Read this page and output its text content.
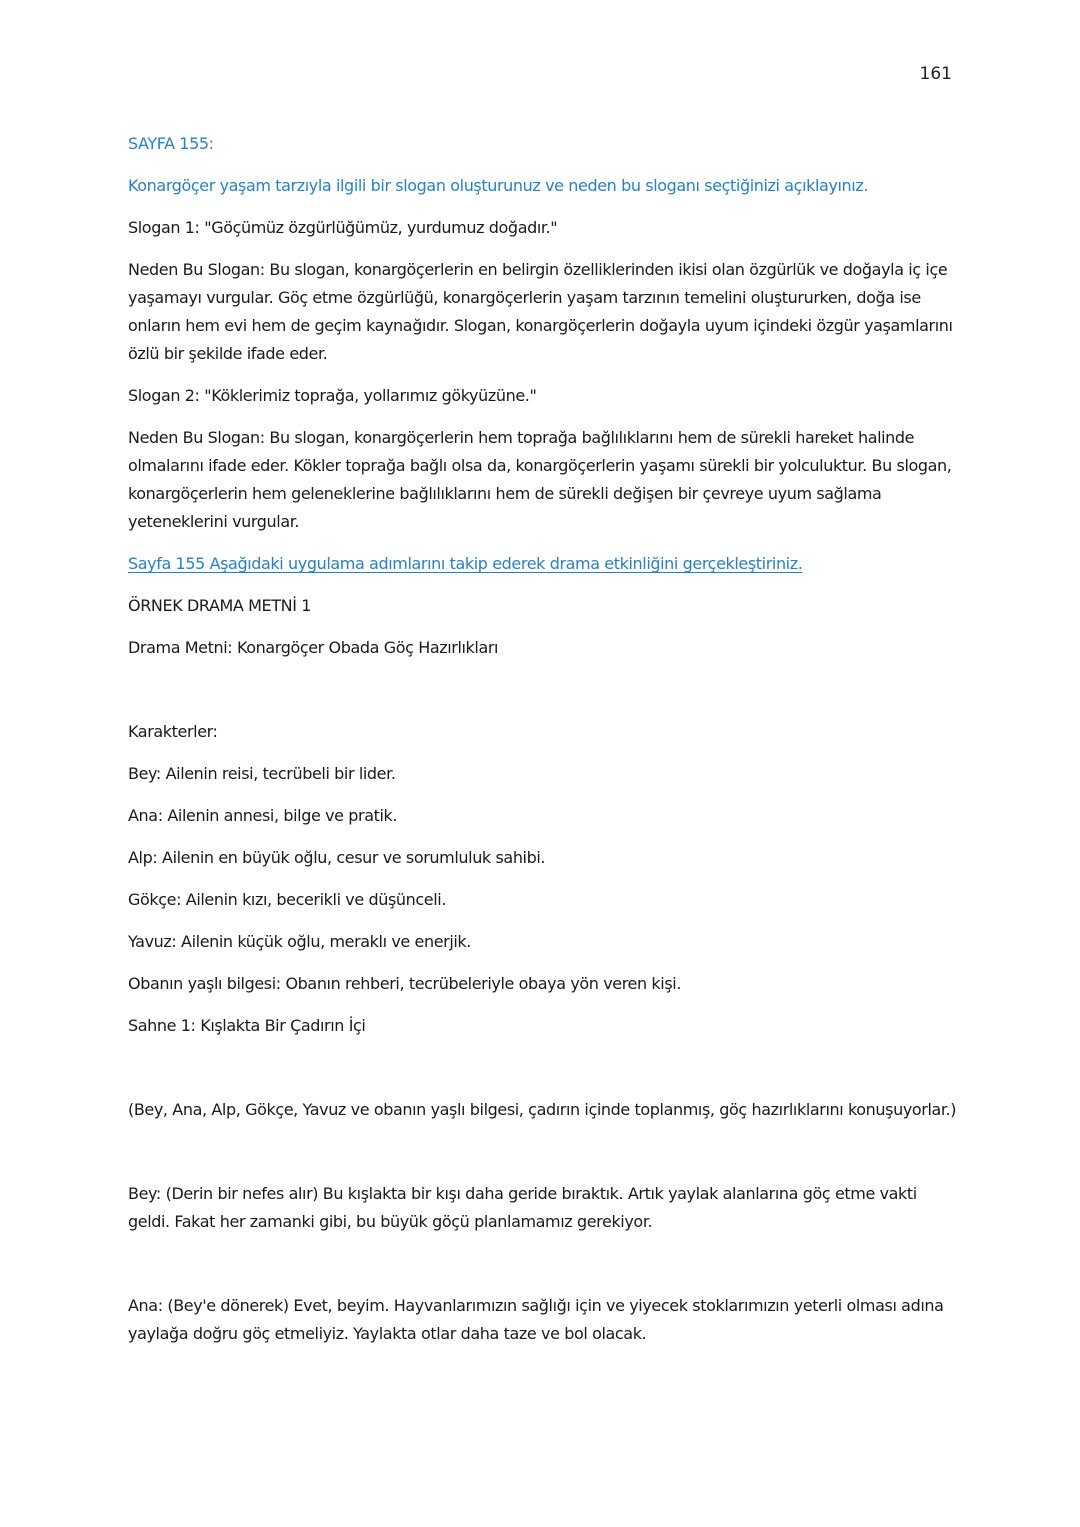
161

SAYFA 155:

Konargöçer yaşam tarzıyla ilgili bir slogan oluşturunuz ve neden bu sloganı seçtiğinizi açıklayınız.

Slogan 1: "Göçümüz özgürlüğümüz, yurdumuz doğadır."

Neden Bu Slogan: Bu slogan, konargöçerlerin en belirgin özelliklerinden ikisi olan özgürlük ve doğayla iç içe yaşamayı vurgular. Göç etme özgürlüğü, konargöçerlerin yaşam tarzının temelini oluştururken, doğa ise onların hem evi hem de geçim kaynağıdır. Slogan, konargöçerlerin doğayla uyum içindeki özgür yaşamlarını özlü bir şekilde ifade eder.

Slogan 2: "Köklerimiz toprağa, yollarımız gökyüzüne."

Neden Bu Slogan: Bu slogan, konargöçerlerin hem toprağa bağlılıklarını hem de sürekli hareket halinde olmalarını ifade eder. Kökler toprağa bağlı olsa da, konargöçerlerin yaşamı sürekli bir yolculuktur. Bu slogan, konargöçerlerin hem geleneklerine bağlılıklarını hem de sürekli değişen bir çevreye uyum sağlama yeteneklerini vurgular.

Sayfa 155 Aşağıdaki uygulama adımlarını takip ederek drama etkinliğini gerçekleştiriniz.

ÖRNEK DRAMA METNİ 1

Drama Metni: Konargöçer Obada Göç Hazırlıkları

Karakterler:

Bey: Ailenin reisi, tecrübeli bir lider.

Ana: Ailenin annesi, bilge ve pratik.

Alp: Ailenin en büyük oğlu, cesur ve sorumluluk sahibi.

Gökçe: Ailenin kızı, becerikli ve düşünceli.

Yavuz: Ailenin küçük oğlu, meraklı ve enerjik.

Obanın yaşlı bilgesi: Obanın rehberi, tecrübeleriyle obaya yön veren kişi.

Sahne 1: Kışlakta Bir Çadırın İçi

(Bey, Ana, Alp, Gökçe, Yavuz ve obanın yaşlı bilgesi, çadırın içinde toplanmış, göç hazırlıklarını konuşuyorlar.)

Bey: (Derin bir nefes alır) Bu kışlakta bir kışı daha geride bıraktık. Artık yaylak alanlarına göç etme vakti geldi. Fakat her zamanki gibi, bu büyük göçü planlamamız gerekiyor.

Ana: (Bey'e dönerek) Evet, beyim. Hayvanlarımızın sağlığı için ve yiyecek stoklarımızın yeterli olması adına yaylağa doğru göç etmeliyiz. Yaylakta otlar daha taze ve bol olacak.
